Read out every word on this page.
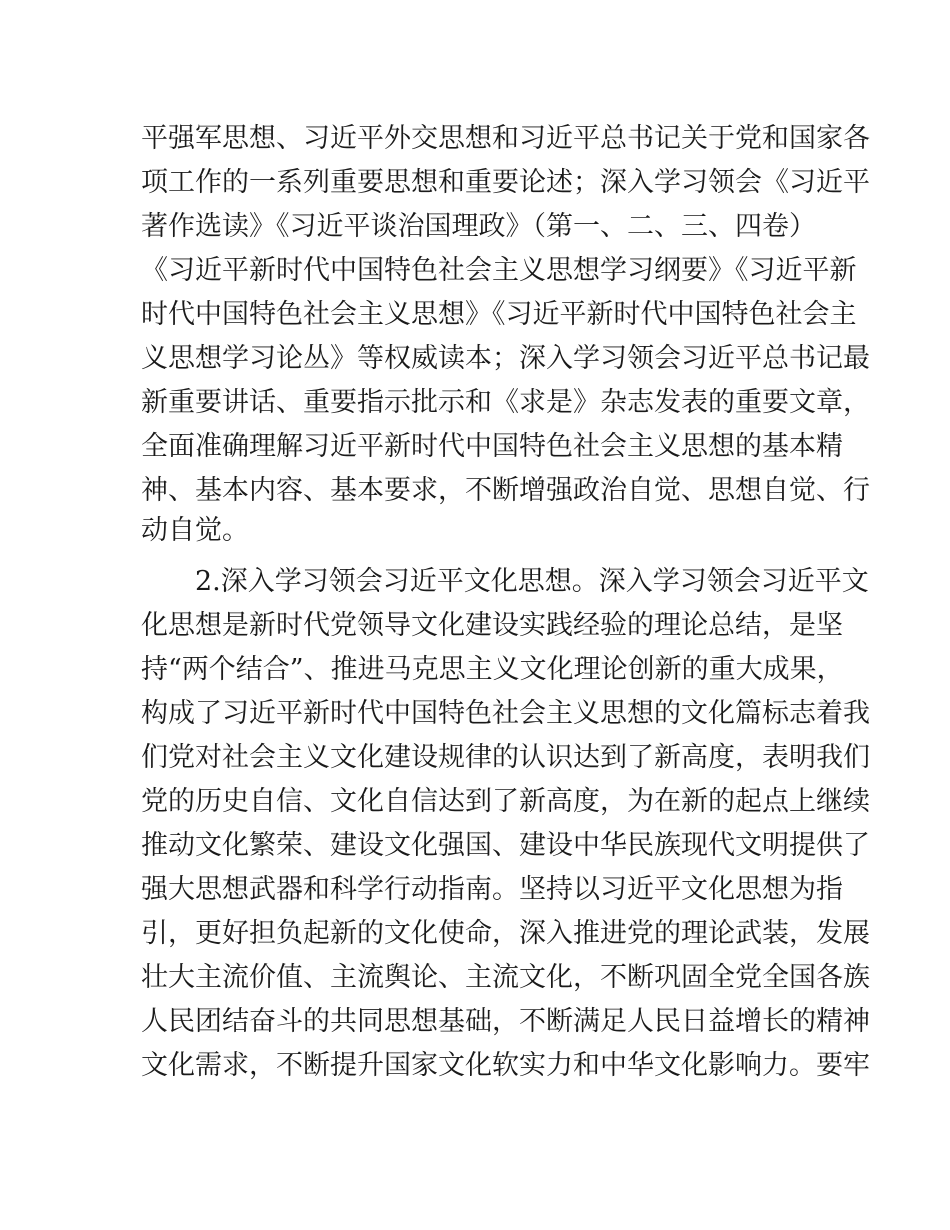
平强军思想、习近平外交思想和习近平总书记关于党和国家各
项工作的一系列重要思想和重要论述；深入学习领会《习近平
著作选读》《习近平谈治国理政》（第一、二、三、四卷）
《习近平新时代中国特色社会主义思想学习纲要》《习近平新
时代中国特色社会主义思想》《习近平新时代中国特色社会主
义思想学习论丛》等权威读本；深入学习领会习近平总书记最
新重要讲话、重要指示批示和《求是》杂志发表的重要文章，
全面准确理解习近平新时代中国特色社会主义思想的基本精
神、基本内容、基本要求，不断增强政治自觉、思想自觉、行
动自觉。
2.深入学习领会习近平文化思想。深入学习领会习近平文
化思想是新时代党领导文化建设实践经验的理论总结，是坚
持“两个结合”、推进马克思主义文化理论创新的重大成果，
构成了习近平新时代中国特色社会主义思想的文化篇标志着我
们党对社会主义文化建设规律的认识达到了新高度，表明我们
党的历史自信、文化自信达到了新高度，为在新的起点上继续
推动文化繁荣、建设文化强国、建设中华民族现代文明提供了
强大思想武器和科学行动指南。坚持以习近平文化思想为指
引，更好担负起新的文化使命，深入推进党的理论武装，发展
壮大主流价值、主流舆论、主流文化，不断巩固全党全国各族
人民团结奋斗的共同思想基础，不断满足人民日益增长的精神
文化需求，不断提升国家文化软实力和中华文化影响力。要牢
